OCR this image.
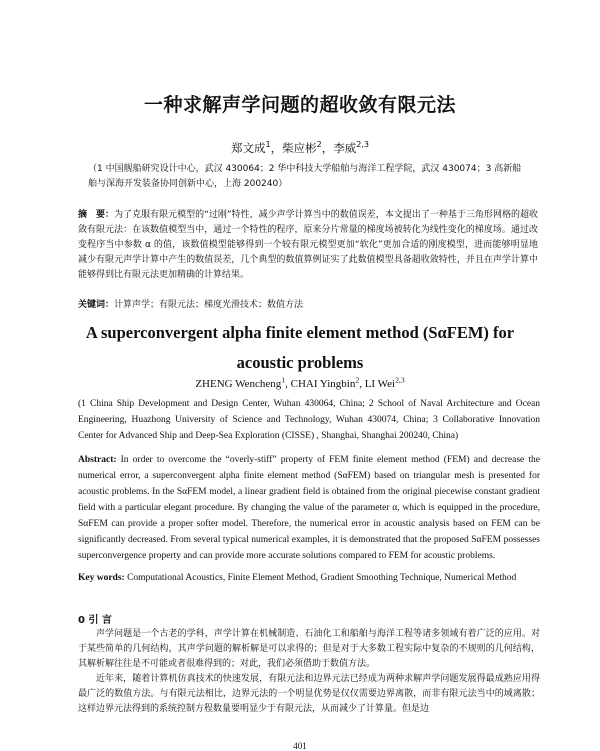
一种求解声学问题的超收敛有限元法
郑文成$^1$，柴应彬$^2$，李威$^{2,3}$
（1 中国舰船研究设计中心，武汉 430064；2 华中科技大学船舶与海洋工程学院，武汉 430074；3 高新船舶与深海开发装备协同创新中心，上海 200240）
摘　要：为了克服有限元模型的“过刚”特性，减少声学计算当中的数值误差，本文提出了一种基于三角形网格的超收敛有限元法：在该数值模型当中，通过一个特性的程序，原来分片常量的梯度场被转化为线性变化的梯度场。通过改变程序当中参数 α 的值，该数值模型能够得到一个较有限元模型更加“软化”更加合适的刚度模型，进而能够明显地减少有限元声学计算中产生的数值误差，几个典型的数值算例证实了此数值模型具备超收敛特性，并且在声学计算中能够得到比有限元法更加精确的计算结果。
关键词：计算声学；有限元法；梯度光滑技术；数值方法
A superconvergent alpha finite element method (SαFEM) for
acoustic problems
ZHENG Wencheng$^1$, CHAI Yingbin$^2$, LI Wei$^{2,3}$
(1 China Ship Development and Design Center, Wuhan 430064, China; 2 School of Naval Architecture and Ocean Engineering, Huazhong University of Science and Technology, Wuhan 430074, China; 3 Collaborative Innovation Center for Advanced Ship and Deep-Sea Exploration (CISSE) , Shanghai, Shanghai 200240, China)
Abstract: In order to overcome the “overly-stiff” property of FEM finite element method (FEM) and decrease the numerical error, a superconvergent alpha finite element method (SαFEM) based on triangular mesh is presented for acoustic problems. In the SαFEM model, a linear gradient field is obtained from the original piecewise constant gradient field with a particular elegant procedure. By changing the value of the parameter α, which is equipped in the procedure, SαFEM can provide a proper softer model. Therefore, the numerical error in acoustic analysis based on FEM can be significantly decreased. From several typical numerical examples, it is demonstrated that the proposed SαFEM possesses superconvergence property and can provide more accurate solutions compared to FEM for acoustic problems.
Key words: Computational Acoustics, Finite Element Method, Gradient Smoothing Technique, Numerical Method
0 引 言

声学问题是一个古老的学科，声学计算在机械制造、石油化工和船舶与海洋工程等诸多领域有着广泛的应用。对于某些简单的几何结构，其声学问题的解析解是可以求得的；但是对于大多数工程实际中复杂的不规则的几何结构，其解析解往往是不可能或者很难得到的；对此，我们必须借助于数值方法。

近年来，随着计算机仿真技术的快速发展，有限元法和边界元法已经成为两种求解声学问题发展得最成熟应用得最广泛的数值方法。与有限元法相比，边界元法的一个明显优势是仅仅需要边界离散，而非有限元法当中的域离散；这样边界元法得到的系统控制方程数量要明显少于有限元法，从而减少了计算量。但是边

401
